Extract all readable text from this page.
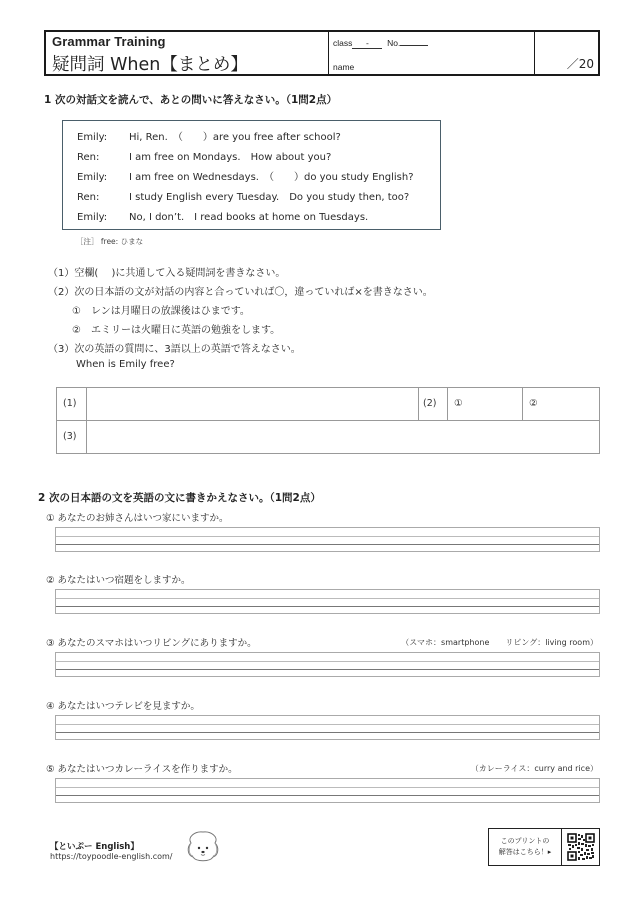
Grammar Training
疑問詞 When【まとめ】
class - No.
name	／20
1 次の対話文を読んで、あとの問いに答えなさい。（1問2点）
Emily: Hi, Ren.　（　　）are you free after school?
Ren:	I am free on Mondays.　How about you?
Emily: I am free on Wednesdays.　（　　）do you study English?
Ren:	I study English every Tuesday.　Do you study then, too?
Emily: No, I don’t.　I read books at home on Tuesdays.
［注］ free: ひまな
（1）空欄(　 )に共通して入る疑問詞を書きなさい。
（2）次の日本語の文が対話の内容と合っていれば〇，違っていれば×を書きなさい。
①　レンは月曜日の放課後はひまです。
②　エミリーは火曜日に英語の勉強をします。
（3）次の英語の質問に、3語以上の英語で答えなさい。
When is Emily free?
(1)	(2) ①	②
(3)
2 次の日本語の文を英語の文に書きかえなさい。（1問2点）
① あなたのお姉さんはいつ家にいますか。
② あなたはいつ宿題をしますか。
③ あなたのスマホはいつリビングにありますか。	（スマホ：smartphone　　リビング：living room）
④ あなたはいつテレビを見ますか。
⑤ あなたはいつカレーライスを作りますか。	（カレーライス：curry and rice）
【といぷー English】
https://toypoodle-english.com/
このプリントの
解答はこちら！▸
